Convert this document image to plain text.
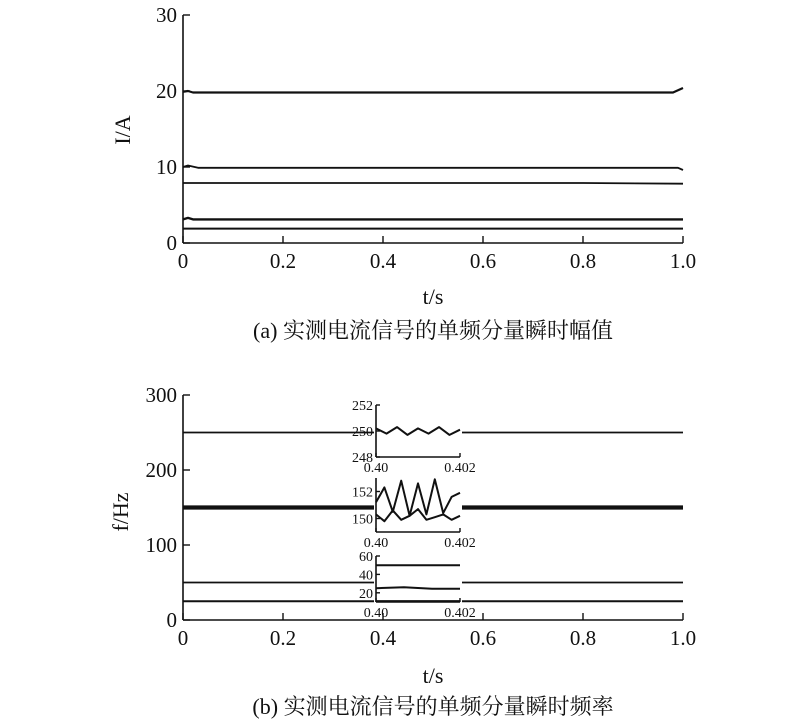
0	0.2	0.4	0.6	0.8	1.0
0
10
20
30
I/A
t/s
(a) 实测电流信号的单频分量瞬时幅值
0	0.2	0.4	0.6	0.8	1.0
0
100
200
300
248
250
252
0.40	0.402
150
152
0.40	0.402
20
40
60
0.40	0.402
f/Hz
t/s
(b) 实测电流信号的单频分量瞬时频率
